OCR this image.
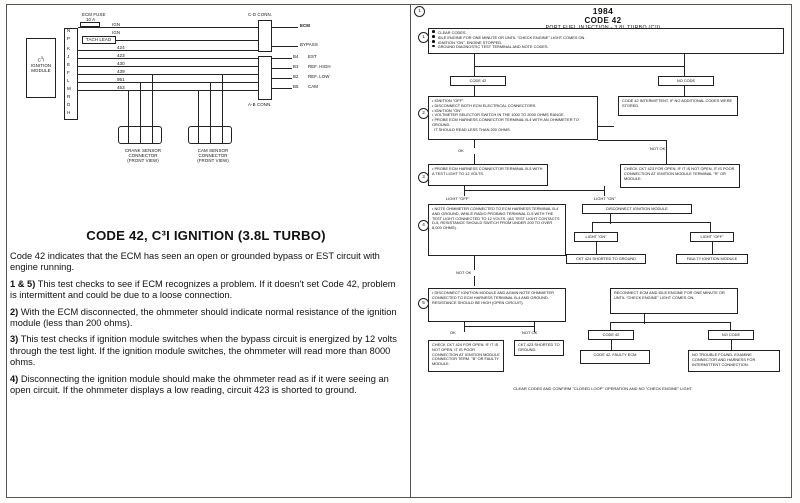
$C^3I$
IGNITION
MODULE
N
P
K
J
E
F
L
M
R
D
H
ECM FUSE
10 A
IGN
IGN
TACH LEAD
424
423
430
439
951
453
C-D CONN.
A-B CONN.
ECM
BYPASS
B4
B3
B2
B5
EST
REF. HIGH
REF. LOW
CAM
CRANK SENSOR
CONNECTOR
(FRONT VIEW)
CAM SENSOR
CONNECTOR
(FRONT VIEW)
CODE 42, C³I IGNITION (3.8L TURBO)

Code 42 indicates that the ECM has seen an open or grounded bypass or EST circuit with engine running.

1 & 5) This test checks to see if ECM recognizes a problem. If it doesn't set Code 42, problem is intermittent and could be due to a loose connection.

2) With the ECM disconnected, the ohmmeter should indicate normal resistance of the ignition module (less than 200 ohms).

3) This test checks if ignition module switches when the bypass circuit is energized by 12 volts through the test light. If the ignition module switches, the ohmmeter will read more than 8000 ohms.

4) Disconnecting the ignition module should make the ohmmeter read as if it were seeing an open circuit. If the ohmmeter displays a low reading, circuit 423 is shorted to ground.

1984
CODE 42
1
CLEAR CODES.
IDLE ENGINE FOR ONE MINUTE OR UNTIL "CHECK ENGINE" LIGHT COMES ON.
IGNITION "ON", ENGINE STOPPED.
GROUND DIAGNOSTIC TEST TERMINAL AND NOTE CODES.
1
CODE 42	NO CODE
2
• IGNITION "OFF".
• DISCONNECT BOTH ECM ELECTRICAL CONNECTORS.
• IGNITION "ON".
• VOLTMETER SELECTOR SWITCH IN THE 1000 TO 2000 OHMS RANGE.
• PROBE ECM HARNESS CONNECTOR TERMINAL B-4 WITH AN OHMMETER TO GROUND.
IT SHOULD READ LESS THAN 200 OHMS.
CODE 42 INTERMITTENT. IF NO ADDITIONAL CODES WERE STORED.
OK	NOT OK
CHECK CKT 423 FOR OPEN. IF IT IS NOT OPEN, IT IS POOR CONNECTION AT IGNITION MODULE TERMINAL "R" OR MODULE.
3
• PROBE ECM HARNESS CONNECTOR TERMINAL B-5 WITH A TEST LIGHT TO 12 VOLTS.
LIGHT "OFF"	LIGHT "ON"
4
• NOTE OHMMETER CONNECTED TO ECM HARNESS TERMINAL B-4 AND GROUND, WHILE RADIO PROBING TERMINAL D-5 WITH THE TEST LIGHT CONNECTED TO 12 VOLTS. (AS TEST LIGHT CONTACTS D-5, RESISTANCE SHOULD SWITCH FROM UNDER 200 TO OVER 8,000 OHMS).
DISCONNECT IGNITION MODULE
LIGHT "ON"	LIGHT "OFF"
CKT 424 SHORTED TO GROUND	FAULTY IGNITION MODULE
NOT OK
5
• DISCONNECT IGNITION MODULE AND AGAIN NOTE OHMMETER CONNECTED TO ECM HARNESS TERMINAL B-4 AND GROUND. RESISTANCE SHOULD BE HIGH (OPEN CIRCUIT).
RECONNECT ECM AND IDLE ENGINE FOR ONE MINUTE OR UNTIL "CHECK ENGINE" LIGHT COMES ON.
OK	NOT OK
CHECK CKT 424 FOR OPEN. IF IT IS NOT OPEN, IT IS POOR CONNECTION AT IGNITION MODULE CONNECTOR TERM. "B" OR FAULTY MODULE.
CKT 423 SHORTED TO GROUND.
CODE 42	NO CODE
CODE 42. FAULTY ECM	NO TROUBLE FOUND. EXAMINE CONNECTOR AND HARNESS FOR INTERMITTENT CONNECTION.
CLEAR CODES AND CONFIRM "CLOSED LOOP" OPERATION AND NO "CHECK ENGINE" LIGHT.
